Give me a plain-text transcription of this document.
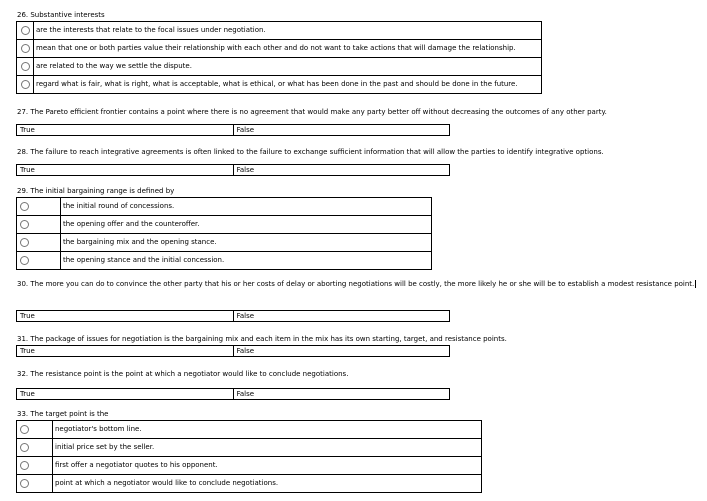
26. Substantive interests
	are the interests that relate to the focal issues under negotiation.
	mean that one or both parties value their relationship with each other and do not want to take actions that will damage the relationship.
	are related to the way we settle the dispute.
	regard what is fair, what is right, what is acceptable, what is ethical, or what has been done in the past and should be done in the future.
27. The Pareto efficient frontier contains a point where there is no agreement that would make any party better off without decreasing the outcomes of any other party.
True	False
28. The failure to reach integrative agreements is often linked to the failure to exchange sufficient information that will allow the parties to identify integrative options.
True	False
29. The initial bargaining range is defined by
	the initial round of concessions.
	the opening offer and the counteroffer.
	the bargaining mix and the opening stance.
	the opening stance and the initial concession.
30. The more you can do to convince the other party that his or her costs of delay or aborting negotiations will be costly, the more likely he or she will be to establish a modest resistance point.
True	False
31. The package of issues for negotiation is the bargaining mix and each item in the mix has its own starting, target, and resistance points.
True	False
32. The resistance point is the point at which a negotiator would like to conclude negotiations.
True	False
33. The target point is the
	negotiator's bottom line.
	initial price set by the seller.
	first offer a negotiator quotes to his opponent.
	point at which a negotiator would like to conclude negotiations.
